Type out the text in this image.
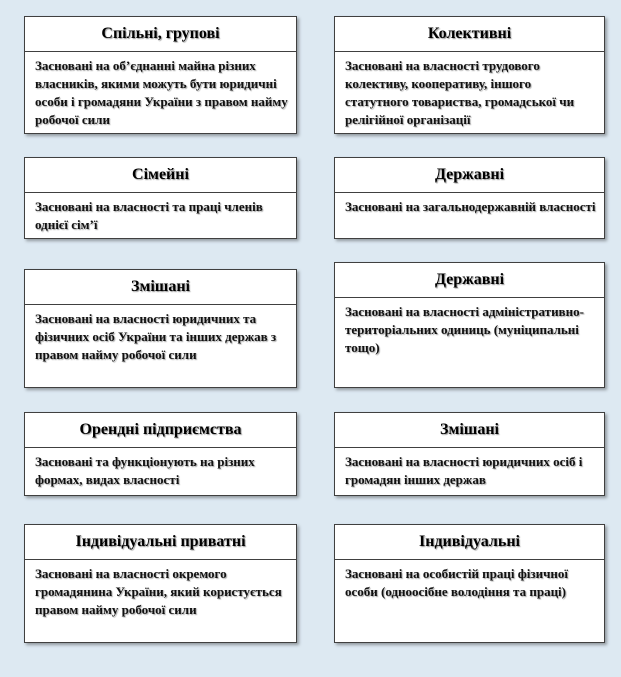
Спільні, групові
Засновані на об’єднанні майна різних власників, якими можуть бути юридичні особи і громадяни України з правом найму робочої сили
Сімейні
Засновані на власності та праці членів однієї сім’ї
Змішані
Засновані на власності юридичних та фізичних осіб України та інших держав з правом найму робочої сили
Орендні підприємства
Засновані та функціонують на різних формах, видах власності
Індивідуальні приватні
Засновані на власності окремого громадянина України, який користується правом найму робочої сили
Колективні
Засновані на власності трудового колективу, кооперативу, іншого статутного товариства, громадської чи релігійної організації
Державні
Засновані на загальнодержавній власності
Державні
Засновані на власності адміністративно-територіальних одиниць (муніципальні тощо)
Змішані
Засновані на власності юридичних осіб і громадян інших держав
Індивідуальні
Засновані на особистій праці фізичної особи (одноосібне володіння та праці)
